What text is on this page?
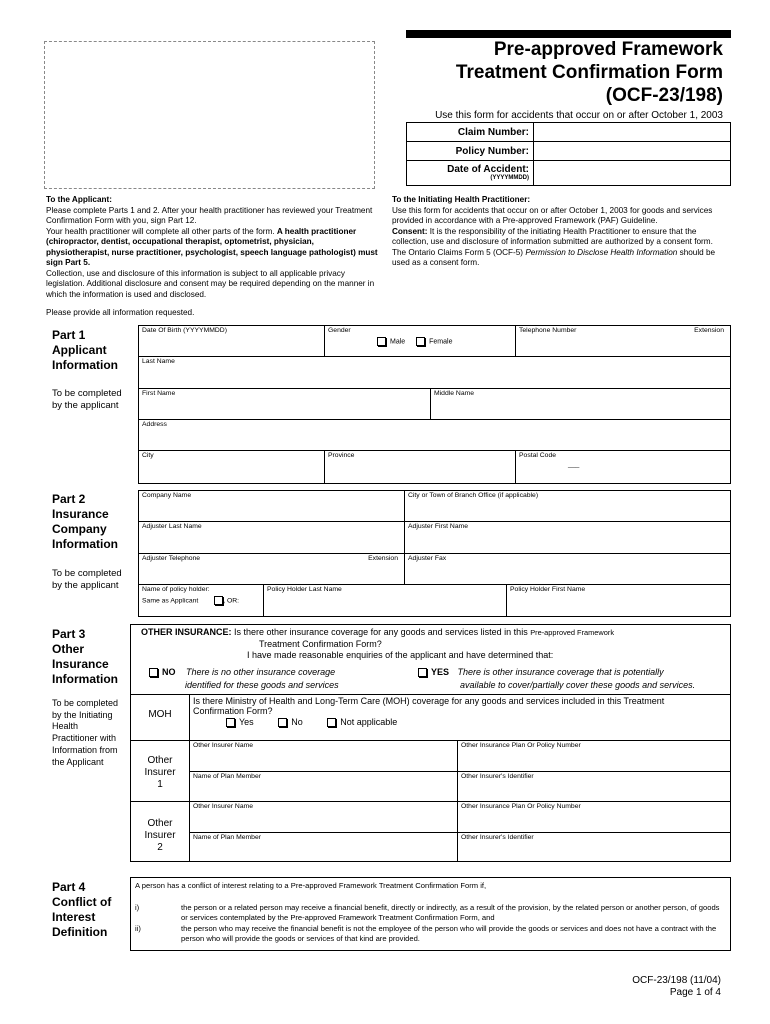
Pre-approved Framework
Treatment Confirmation Form
(OCF-23/198)
Use this form for accidents that occur on or after October 1, 2003
Claim Number:	
Policy Number:	
Date of Accident:
(YYYYMMDD)	

To the Applicant:
Please complete Parts 1 and 2. After your health practitioner has reviewed your Treatment Confirmation Form with you, sign Part 12.
Your health practitioner will complete all other parts of the form. A health practitioner (chiropractor, dentist, occupational therapist, optometrist, physician, physiotherapist, nurse practitioner, psychologist, speech language pathologist) must sign Part 5.
Collection, use and disclosure of this information is subject to all applicable privacy legislation. Additional disclosure and consent may be required depending on the manner in which the information is used and disclosed.
To the Initiating Health Practitioner:
Use this form for accidents that occur on or after October 1, 2003 for goods and services provided in accordance with a Pre-approved Framework (PAF) Guideline.
Consent: It is the responsibility of the initiating Health Practitioner to ensure that the collection, use and disclosure of information submitted are authorized by a consent form. The Ontario Claims Form 5 (OCF-5) Permission to Disclose Health Information should be used as a consent form.
Please provide all information requested.
Part 1
Applicant
Information
To be completed
by the applicant
Date Of Birth (YYYYMMDD)	Gender
Male	Female
Telephone Number	Extension
Last Name
First Name	Middle Name
Address
City	Province	Postal Code
___
Part 2
Insurance
Company
Information
To be completed
by the applicant
Company Name	City or Town of Branch Office (if applicable)
Adjuster Last Name	Adjuster First Name
Adjuster Telephone	Extension	Adjuster Fax
Name of policy holder:
Same as Applicant	, OR:
Policy Holder Last Name	Policy Holder First Name
Part 3
Other
Insurance
Information
To be completed
by the Initiating
Health
Practitioner with
Information from
the Applicant
OTHER INSURANCE: Is there other insurance coverage for any goods and services listed in this Pre-approved Framework
Treatment Confirmation Form?
I have made reasonable enquiries of the applicant and have determined that:
NO There is no other insurance coverage
identified for these goods and services
YES There is other insurance coverage that is potentially
available to cover/partially cover these goods and services.
MOH
Is there Ministry of Health and Long-Term Care (MOH) coverage for any goods and services included in this Treatment
Confirmation Form?
Yes	No	Not applicable
Other
Insurer
1
Other Insurer Name	Other Insurance Plan Or Policy Number
Name of Plan Member	Other Insurer's Identifier
Other
Insurer
2
Other Insurer Name	Other Insurance Plan Or Policy Number
Name of Plan Member	Other Insurer's Identifier
Part 4
Conflict of
Interest
Definition
A person has a conflict of interest relating to a Pre-approved Framework Treatment Confirmation Form if,
i)	the person or a related person may receive a financial benefit, directly or indirectly, as a result of the provision, by the related person or another person, of goods or services contemplated by the Pre-approved Framework Treatment Confirmation Form, and
ii)	the person who may receive the financial benefit is not the employee of the person who will provide the goods or services and does not have a contract with the person who will provide the goods or services of that kind are provided.
OCF-23/198 (11/04)
Page 1 of 4
